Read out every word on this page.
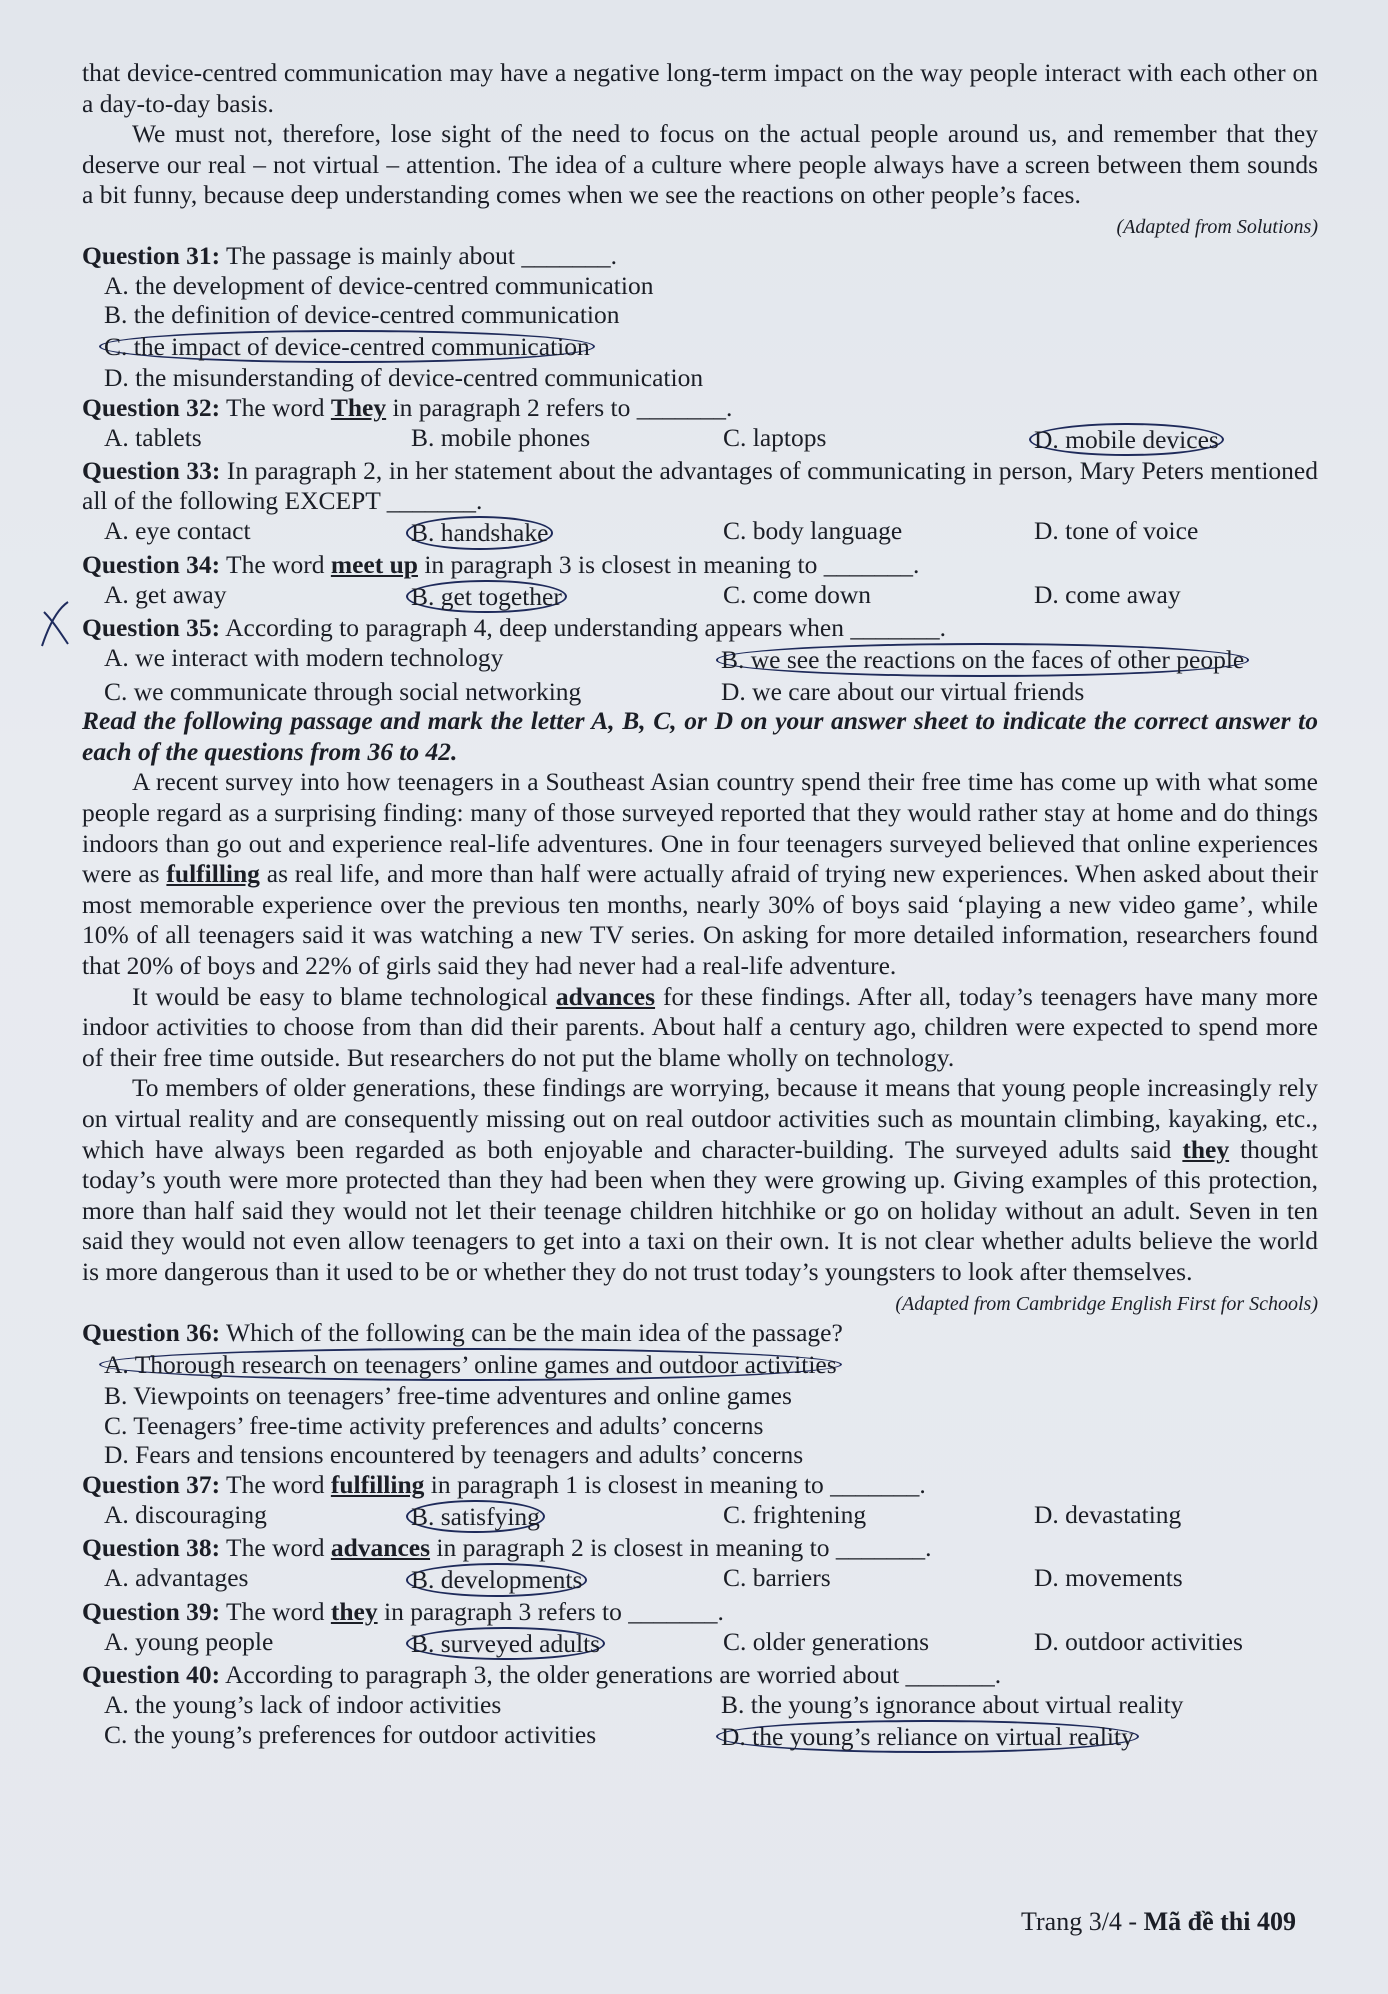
that device-centred communication may have a negative long-term impact on the way people interact with each other on a day-to-day basis.

We must not, therefore, lose sight of the need to focus on the actual people around us, and remember that they deserve our real – not virtual – attention. The idea of a culture where people always have a screen between them sounds a bit funny, because deep understanding comes when we see the reactions on other people’s faces.

(Adapted from Solutions)

Question 31: The passage is mainly about _______.
A. the development of device-centred communication
B. the definition of device-centred communication
C. the impact of device-centred communication
D. the misunderstanding of device-centred communication
Question 32: The word They in paragraph 2 refers to _______.
A. tablets	B. mobile phones	C. laptops	D. mobile devices
Question 33: In paragraph 2, in her statement about the advantages of communicating in person, Mary Peters mentioned all of the following EXCEPT _______.
A. eye contact	B. handshake	C. body language	D. tone of voice
Question 34: The word meet up in paragraph 3 is closest in meaning to _______.
A. get away	B. get together	C. come down	D. come away
Question 35: According to paragraph 4, deep understanding appears when _______.
A. we interact with modern technology	B. we see the reactions on the faces of other people
C. we communicate through social networking	D. we care about our virtual friends

Read the following passage and mark the letter A, B, C, or D on your answer sheet to indicate the correct answer to each of the questions from 36 to 42.

A recent survey into how teenagers in a Southeast Asian country spend their free time has come up with what some people regard as a surprising finding: many of those surveyed reported that they would rather stay at home and do things indoors than go out and experience real-life adventures. One in four teenagers surveyed believed that online experiences were as fulfilling as real life, and more than half were actually afraid of trying new experiences. When asked about their most memorable experience over the previous ten months, nearly 30% of boys said ‘playing a new video game’, while 10% of all teenagers said it was watching a new TV series. On asking for more detailed information, researchers found that 20% of boys and 22% of girls said they had never had a real-life adventure.

It would be easy to blame technological advances for these findings. After all, today’s teenagers have many more indoor activities to choose from than did their parents. About half a century ago, children were expected to spend more of their free time outside. But researchers do not put the blame wholly on technology.

To members of older generations, these findings are worrying, because it means that young people increasingly rely on virtual reality and are consequently missing out on real outdoor activities such as mountain climbing, kayaking, etc., which have always been regarded as both enjoyable and character-building. The surveyed adults said they thought today’s youth were more protected than they had been when they were growing up. Giving examples of this protection, more than half said they would not let their teenage children hitchhike or go on holiday without an adult. Seven in ten said they would not even allow teenagers to get into a taxi on their own. It is not clear whether adults believe the world is more dangerous than it used to be or whether they do not trust today’s youngsters to look after themselves.

(Adapted from Cambridge English First for Schools)

Question 36: Which of the following can be the main idea of the passage?
A. Thorough research on teenagers’ online games and outdoor activities
B. Viewpoints on teenagers’ free-time adventures and online games
C. Teenagers’ free-time activity preferences and adults’ concerns
D. Fears and tensions encountered by teenagers and adults’ concerns
Question 37: The word fulfilling in paragraph 1 is closest in meaning to _______.
A. discouraging	B. satisfying	C. frightening	D. devastating
Question 38: The word advances in paragraph 2 is closest in meaning to _______.
A. advantages	B. developments	C. barriers	D. movements
Question 39: The word they in paragraph 3 refers to _______.
A. young people	B. surveyed adults	C. older generations	D. outdoor activities
Question 40: According to paragraph 3, the older generations are worried about _______.
A. the young’s lack of indoor activities	B. the young’s ignorance about virtual reality
C. the young’s preferences for outdoor activities	D. the young’s reliance on virtual reality
Trang 3/4 - Mã đề thi 409
